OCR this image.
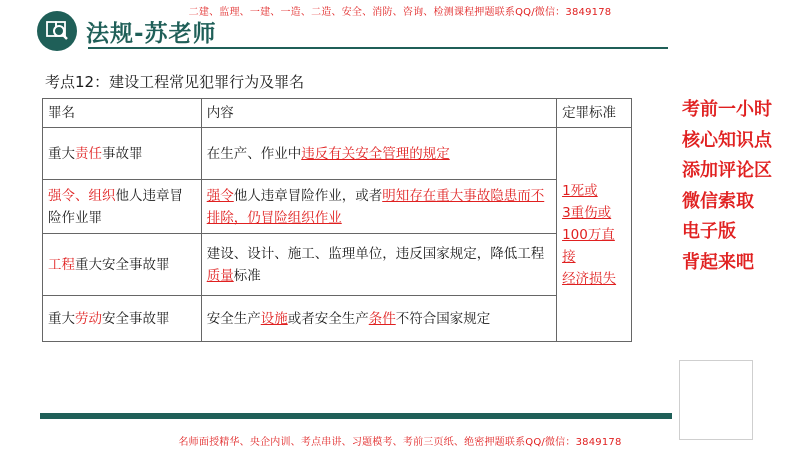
二建、监理、一建、一造、二造、安全、消防、咨询、检测课程押题联系QQ/微信：3849178
法规-苏老师
考点12：建设工程常见犯罪行为及罪名
罪名	内容	定罪标准
重大责任事故罪	在生产、作业中违反有关安全管理的规定	1死或
3重伤或
100万直接
经济损失

强令、组织他人违章冒险作业罪	强令他人违章冒险作业，或者明知存在重大事故隐患而不排除，仍冒险组织作业	
工程重大安全事故罪	建设、设计、施工、监理单位，违反国家规定，降低工程质量标准	
重大劳动安全事故罪	安全生产设施或者安全生产条件不符合国家规定	
考前一小时
核心知识点
添加评论区
微信索取
电子版
背起来吧
名师面授精华、央企内训、考点串讲、习题模考、考前三页纸、绝密押题联系QQ/微信：3849178
